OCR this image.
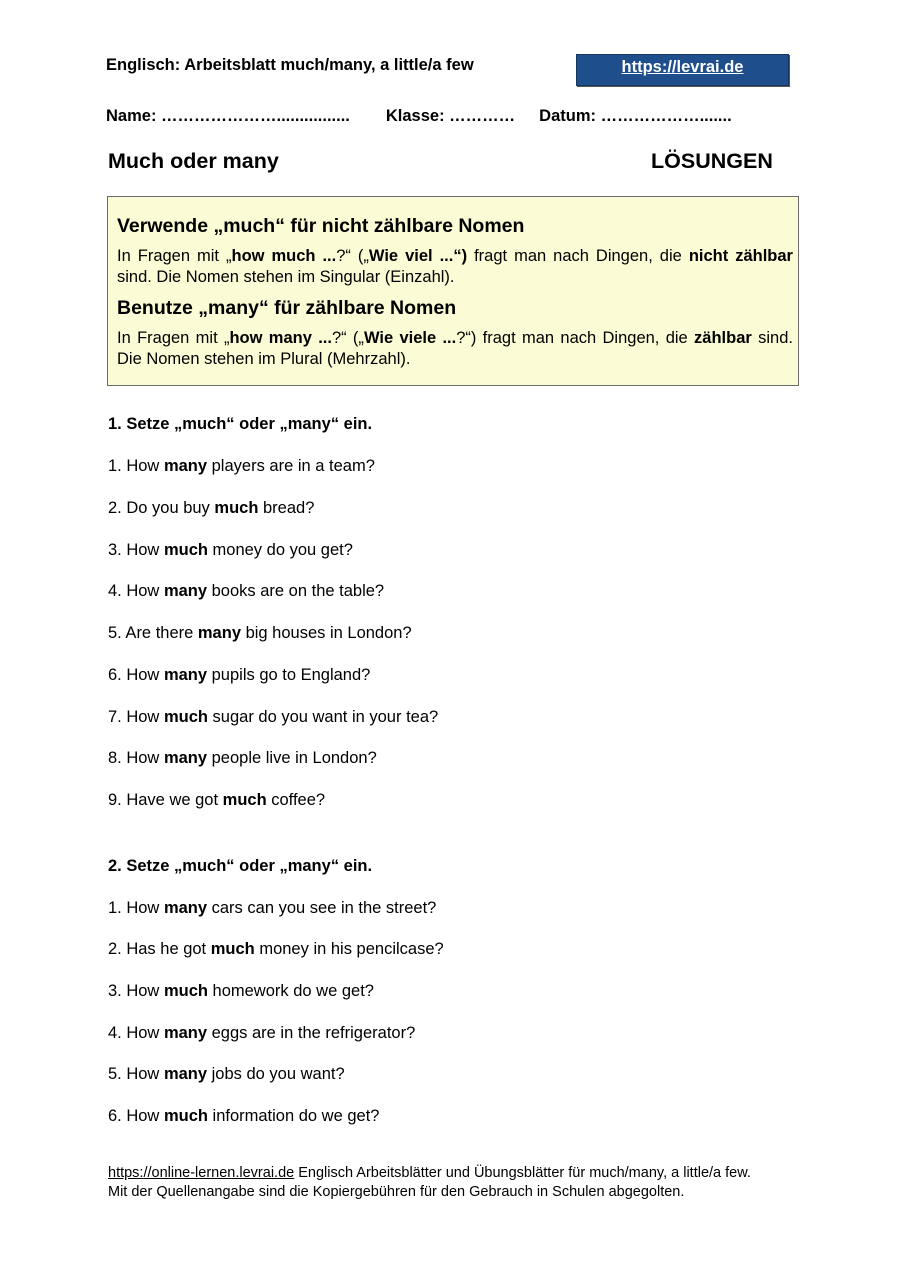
Englisch: Arbeitsblatt much/many, a little/a few	https://levrai.de
Name: …………………................ Klasse: ………… Datum: ……………….......
Much oder many	LÖSUNGEN

Verwende „much“ für nicht zählbare Nomen

In Fragen mit „how much ...?“ („Wie viel ...“) fragt man nach Dingen, die nicht zählbar sind. Die Nomen stehen im Singular (Einzahl).

Benutze „many“ für zählbare Nomen

In Fragen mit „how many ...?“ („Wie viele ...?“) fragt man nach Dingen, die zählbar sind. Die Nomen stehen im Plural (Mehrzahl).

1. Setze „much“ oder „many“ ein.
1. How many players are in a team?
2. Do you buy much bread?
3. How much money do you get?
4. How many books are on the table?
5. Are there many big houses in London?
6. How many pupils go to England?
7. How much sugar do you want in your tea?
8. How many people live in London?
9. Have we got much coffee?
2. Setze „much“ oder „many“ ein.
1. How many cars can you see in the street?
2. Has he got much money in his pencilcase?
3. How much homework do we get?
4. How many eggs are in the refrigerator?
5. How many jobs do you want?
6. How much information do we get?
https://online-lernen.levrai.de Englisch Arbeitsblätter und Übungsblätter für much/many, a little/a few.
Mit der Quellenangabe sind die Kopiergebühren für den Gebrauch in Schulen abgegolten.
